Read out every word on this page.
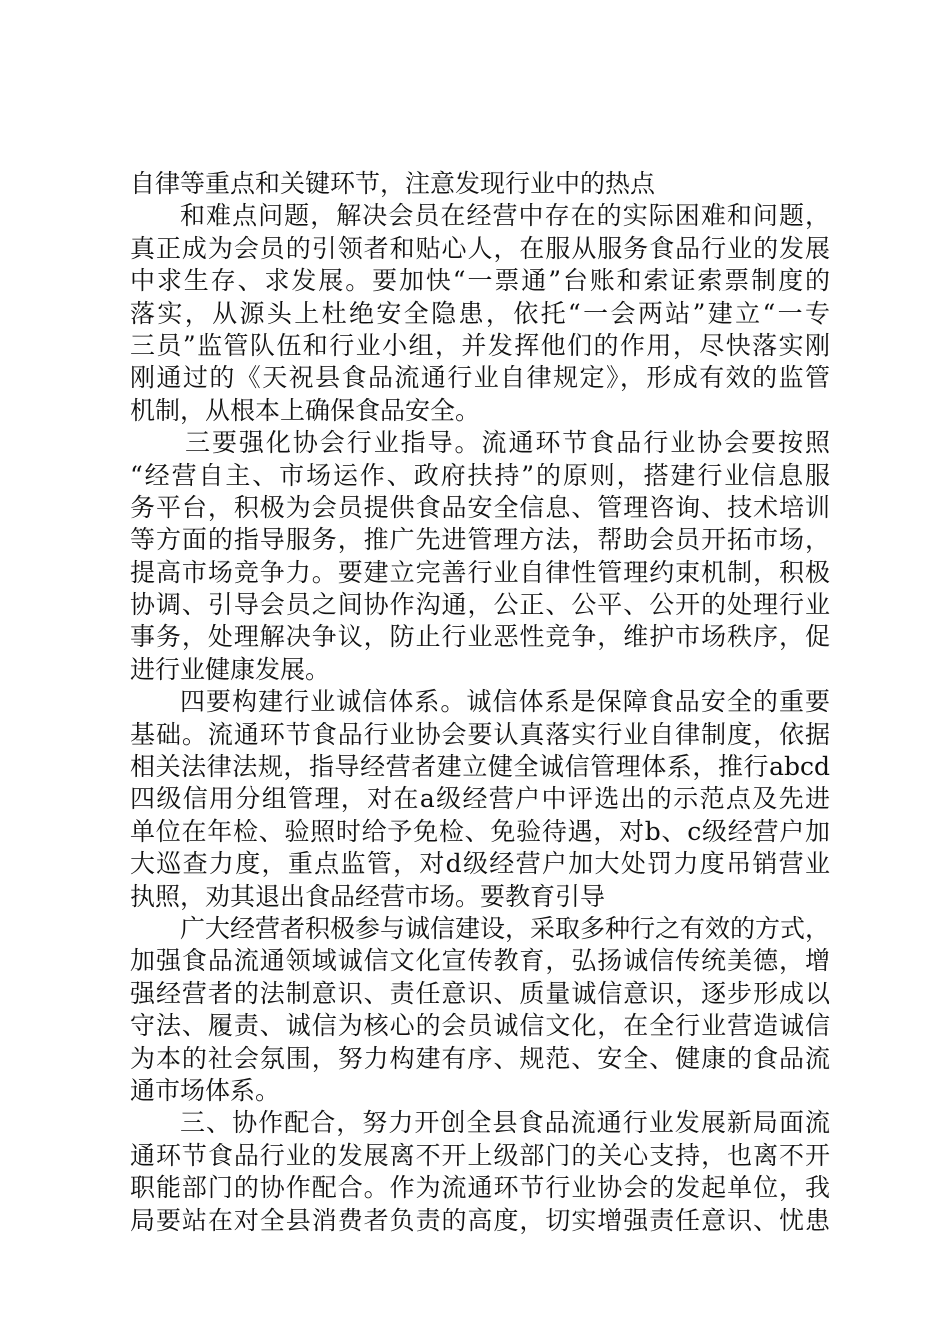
自律等重点和关键环节，注意发现行业中的热点
和难点问题，解决会员在经营中存在的实际困难和问题，
真正成为会员的引领者和贴心人，在服从服务食品行业的发展
中求生存、求发展。要加快“一票通”台账和索证索票制度的
落实，从源头上杜绝安全隐患，依托“一会两站”建立“一专
三员”监管队伍和行业小组，并发挥他们的作用，尽快落实刚
刚通过的《天祝县食品流通行业自律规定》，形成有效的监管
机制，从根本上确保食品安全。
三要强化协会行业指导。流通环节食品行业协会要按照
“经营自主、市场运作、政府扶持”的原则，搭建行业信息服
务平台，积极为会员提供食品安全信息、管理咨询、技术培训
等方面的指导服务，推广先进管理方法，帮助会员开拓市场，
提高市场竞争力。要建立完善行业自律性管理约束机制，积极
协调、引导会员之间协作沟通，公正、公平、公开的处理行业
事务，处理解决争议，防止行业恶性竞争，维护市场秩序，促
进行业健康发展。
四要构建行业诚信体系。诚信体系是保障食品安全的重要
基础。流通环节食品行业协会要认真落实行业自律制度，依据
相关法律法规，指导经营者建立健全诚信管理体系，推行abcd
四级信用分组管理，对在a级经营户中评选出的示范点及先进
单位在年检、验照时给予免检、免验待遇，对b、c级经营户加
大巡查力度，重点监管，对d级经营户加大处罚力度吊销营业
执照，劝其退出食品经营市场。要教育引导
广大经营者积极参与诚信建设，采取多种行之有效的方式，
加强食品流通领域诚信文化宣传教育，弘扬诚信传统美德，增
强经营者的法制意识、责任意识、质量诚信意识，逐步形成以
守法、履责、诚信为核心的会员诚信文化，在全行业营造诚信
为本的社会氛围，努力构建有序、规范、安全、健康的食品流
通市场体系。
三、协作配合，努力开创全县食品流通行业发展新局面流
通环节食品行业的发展离不开上级部门的关心支持，也离不开
职能部门的协作配合。作为流通环节行业协会的发起单位，我
局要站在对全县消费者负责的高度，切实增强责任意识、忧患
